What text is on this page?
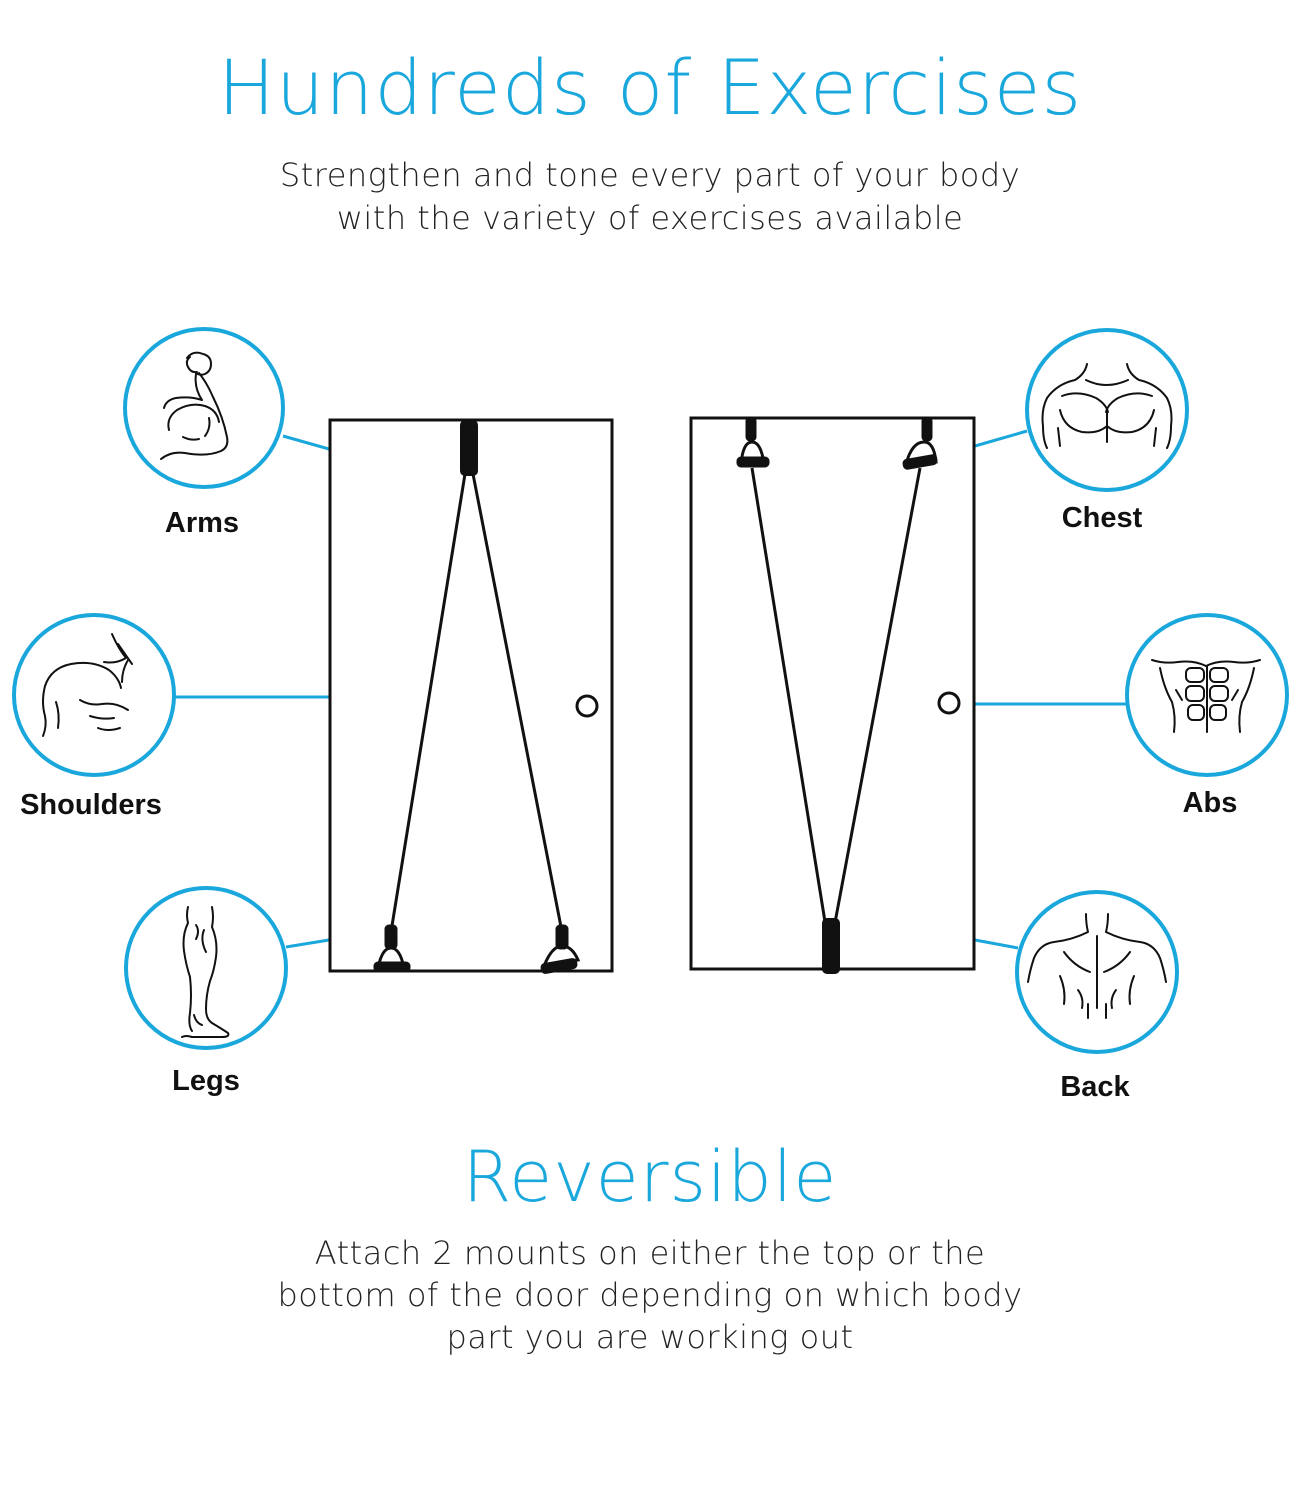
Hundreds of Exercises
Strengthen and tone every part of your body
with the variety of exercises available
Arms
Shoulders
Legs
Chest
Abs
Back
Reversible
Attach 2 mounts on either the top or the
bottom of the door depending on which body
part you are working out
